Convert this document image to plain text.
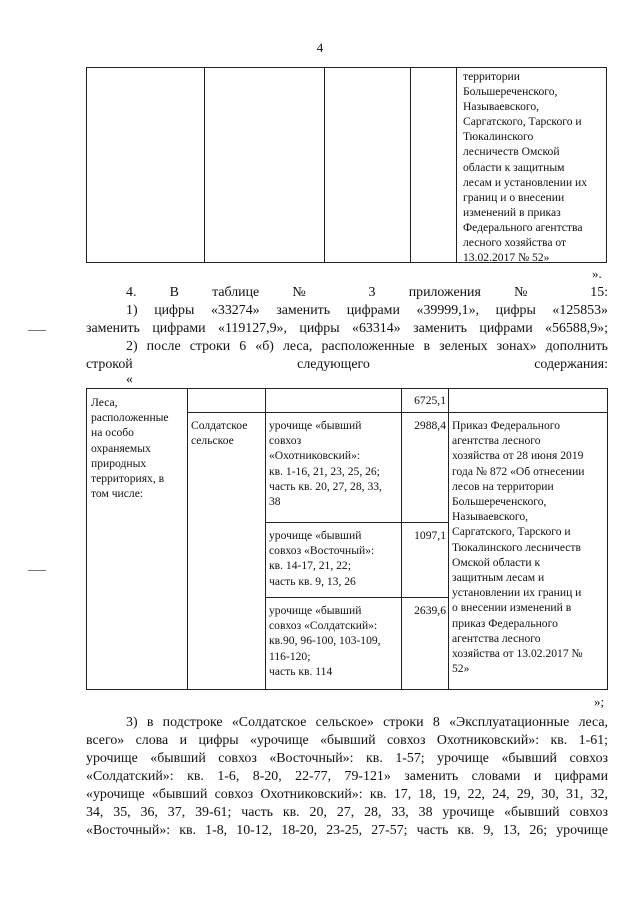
4
территории
Большереченского,
Называевского,
Саргатского, Тарского и
Тюкалинского
лесничеств Омской
области к защитным
лесам и установлении их
границ и о внесении
изменений в приказ
Федерального агентства
лесного хозяйства от
13.02.2017 № 52»
».
4. В таблице № 3 приложения № 15:
1) цифры «33274» заменить цифрами «39999,1», цифры «125853»
заменить цифрами «119127,9», цифры «63314» заменить цифрами «56588,9»;
2) после строки 6 «б) леса, расположенные в зеленых зонах» дополнить
строкой следующего содержания:
«
Леса,
расположенные
на особо
охраняемых
природных
территориях, в
том числе:
Солдатское
сельское
6725,1
урочище «бывший
совхоз
«Охотниковский»:
кв. 1-16, 21, 23, 25, 26;
часть кв. 20, 27, 28, 33,
38
2988,4
урочище «бывший
совхоз «Восточный»:
кв. 14-17, 21, 22;
часть кв. 9, 13, 26
1097,1
урочище «бывший
совхоз «Солдатский»:
кв.90, 96-100, 103-109,
116-120;
часть кв. 114
2639,6
Приказ Федерального
агентства лесного
хозяйства от 28 июня 2019
года № 872 «Об отнесении
лесов на территории
Большереченского,
Называевского,
Саргатского, Тарского и
Тюкалинского лесничеств
Омской области к
защитным лесам и
установлении их границ и
о внесении изменений в
приказ Федерального
агентства лесного
хозяйства от 13.02.2017 №
52»
»;
3) в подстроке «Солдатское сельское» строки 8 «Эксплуатационные леса,
всего» слова и цифры «урочище «бывший совхоз Охотниковский»: кв. 1-61;
урочище «бывший совхоз «Восточный»: кв. 1-57; урочище «бывший совхоз
«Солдатский»: кв. 1-6, 8-20, 22-77, 79-121» заменить словами и цифрами
«урочище «бывший совхоз Охотниковский»: кв. 17, 18, 19, 22, 24, 29, 30, 31, 32,
34, 35, 36, 37, 39-61; часть кв. 20, 27, 28, 33, 38 урочище «бывший совхоз
«Восточный»: кв. 1-8, 10-12, 18-20, 23-25, 27-57; часть кв. 9, 13, 26; урочище
